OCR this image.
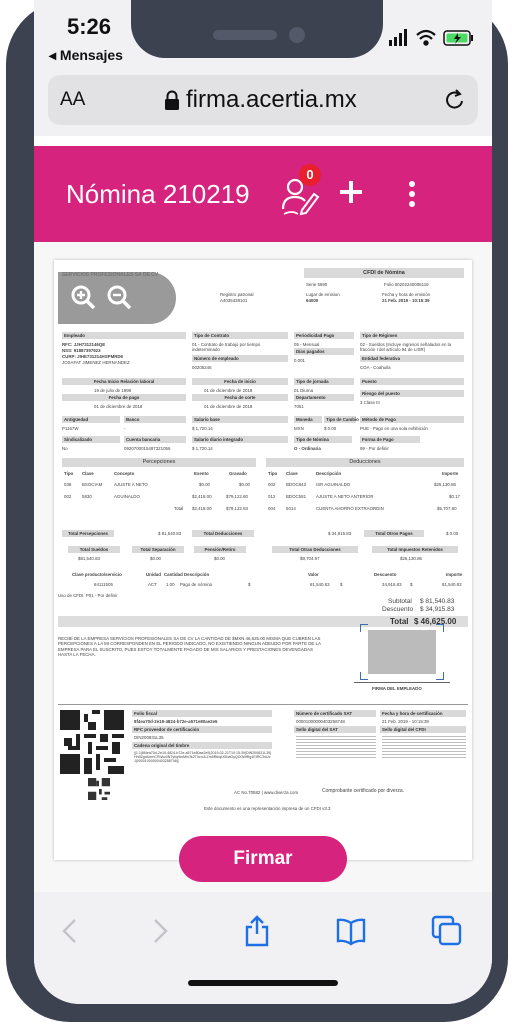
5:26
◂ Mensajes
AA	firma.acertia.mx
Nómina 210219
0
CFDI de Nómina
Serie 5690	Folio 00202240006119
Registro patronal
A4035438101
Lugar de emision
64000
Fecha y hora de emisión
21 Feb. 2019 - 10:15:39
Empleado
RFC: JJH7312146QE
NSS: 91887397923
CURP: JIHE731214HSPMRD6
JOSAFAT JIMENEZ HERNANDEZ
Tipo de Contrato
01 - Contrato de trabajo por tiempo indeterminado
Número de empleado
00205246
Periodicidad Pago
05 - Mensual
Días pagados
0.001
Tipo de Régimen
02 - Sueldos (Incluye ingresos señalados en la fracción I del artículo 94 de LISR)
Entidad federativa
COA - Coahuila
Fecha Inicio Relación laboral
19 de julio de 1999
Fecha de inicio
01 de diciembre de 2018
Tipo de jornada
01 Diurna
Puesto
Fecha de pago
01 de diciembre de 2018
Fecha de corte
01 de diciembre de 2018
Departamento
7051
Riesgo del puesto
3 Clase III
Antigüedad
P1167W
Banco
-
Salario base
$ 1,720.14
Moneda
MXN
Tipo de Cambio
$ 0.00
Método de Pago
PUE - Pago en una sola exhibición
Sindicalizado
No
Cuenta bancaria
0920700015497321056
Salario diario integrado
$ 1,720.14
Tipo de Nómina
O - Ordinaria
Forma de Pago
99 - Por definir
Percepciones	Deducciones
Tipo Clave	Concepto	Exento	Gravado
038 BSOCIAM	AJUSTE A NETO	$0.00	$0.00
002 5830	AGUINALDO	$2,418.00	$79,122.80
Total $2,418.00	$79,122.83
Tipo Clave	Descripción	Importe
002 BDOC843 ISR AGUINALDO	$25,130.86
012 BDOC581 AJUSTE A NETO ANTERIOR	$0.17
004 5014	CUENTA AHORRO EXTRAORDIN	$5,707.80
Total Percepciones	$ 81,540.83	Total Deducciones	$ 34,915.83	Total Otros Pagos	$ 0.00
Total Sueldos
$81,540.83
Total Separación
$0.00
Pensión/Retiro
$0.00
Total Otras Deducciones
$8,704.97
Total Impuestos Retenidos
$25,130.86
Clave producto/servicio	Unidad Cantidad Descripción	Valor	Descuento	Importe
84111505	ACT 1.00 Pago de nómina	$	81,540.83 $	34,915.83 $	81,540.83
Uso de CFDI: P01 - Por definir
Subtotal $ 81,540.83
Descuento $ 34,915.83
Total $ 46,625.00
RECIBÍ DE LA EMPRESA SERVICIOS PROFESIONALES SA DE CV LA CANTIDAD DE $MXN 46,625.00 MISMA QUE CUBREN LAS PERCEPCIONES A LA MI CORRESPONDEN EN EL PERIODO INDICADO, NO EXISTIENDO NINGUN ADEUDO POR PARTE DE LA EMPRESA PARA EL SUSCRITO, PUES ESTOY TOTALMENTE PAGADO DE MIS SALARIOS Y PRESTACIONES DEVENGADAS HASTA LA FECHA.
FIRMA DEL EMPLEADO
Folio fiscal
8f4ea70d-2e19-4824-b72e-a571e80ae2e5
RFC proveedor de certificación
DIN200831L35
Cadena original del timbre
||1.1|8f4ea70d-2e19-4824-b72e-a571e80ae2e5|2019-02-21T10:15:39|DIN200831L35|Hh5ZgdUemCRhAc0NTyhq9mMhOk2T0cnJLZm5RtkqUGbaOyQD0WfRg1EIRC3nUcJ|00001000000403258748||
Número de certificado SAT
00001000000403258748
Fecha y hora de certificación
21 Feb. 2019 - 10:15:39
Sello digital del SAT	Sello digital del CFDI
AC No.70582 | www.diverza.com	Comprobante certificado por diverza.
Este documento es una representación impresa de un CFDI v3.3
Firmar
